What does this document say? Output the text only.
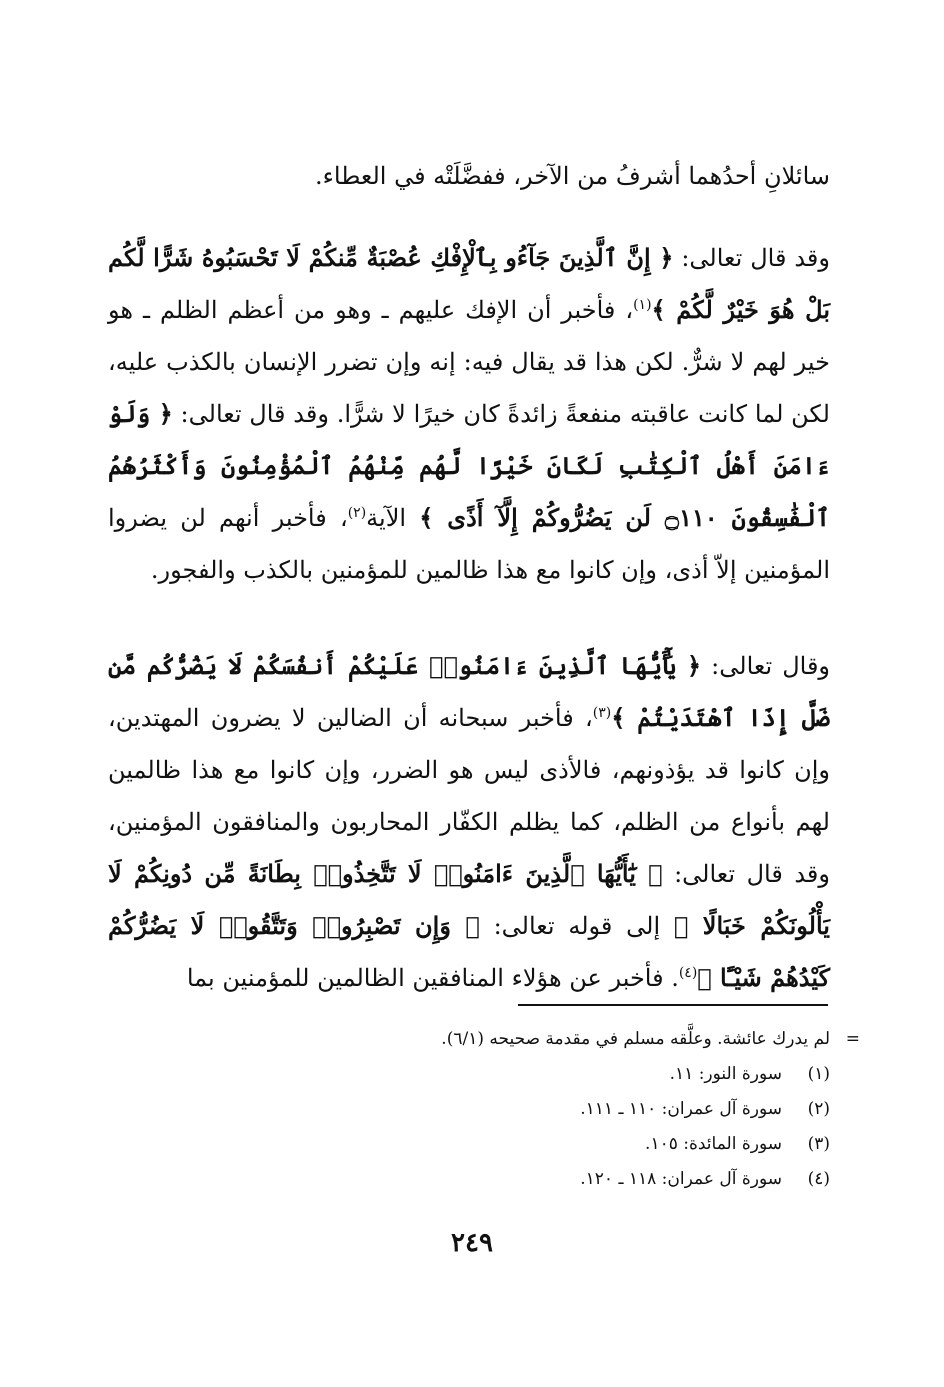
سائلانِ أحدُهما أشرفُ من الآخر، ففضَّلَتْه في العطاء.
وقد قال تعالى: ﴿ إِنَّ ٱلَّذِينَ جَآءُو بِٱلْإِفْكِ عُصْبَةٌ مِّنكُمْ لَا تَحْسَبُوهُ شَرًّا لَّكُم بَلْ هُوَ خَيْرٌ لَّكُمْ ﴾$^{(١)}$، فأخبر أن الإفك عليهم ـ وهو من أعظم الظلم ـ هو خير لهم لا شرٌّ. لكن هذا قد يقال فيه: إنه وإن تضرر الإنسان بالكذب عليه، لكن لما كانت عاقبته منفعةً زائدةً كان خيرًا لا شرًّا. وقد قال تعالى: ﴿ وَلَوْ ءَامَنَ أَهْلُ ٱلْكِتَٰبِ لَكَانَ خَيْرًا لَّهُم مِّنْهُمُ ٱلْمُؤْمِنُونَ وَأَكْثَرُهُمُ ٱلْفَٰسِقُونَ ۝١١٠ لَن يَضُرُّوكُمْ إِلَّآ أَذًى ﴾ الآية$^{(٢)}$، فأخبر أنهم لن يضروا المؤمنين إلاّ أذى، وإن كانوا مع هذا ظالمين للمؤمنين بالكذب والفجور.
وقال تعالى: ﴿ يَٰٓأَيُّهَا ٱلَّذِينَ ءَامَنُوا۟ عَلَيْكُمْ أَنفُسَكُمْ لَا يَضُرُّكُم مَّن ضَلَّ إِذَا ٱهْتَدَيْتُمْ ﴾$^{(٣)}$، فأخبر سبحانه أن الضالين لا يضرون المهتدين، وإن كانوا قد يؤذونهم، فالأذى ليس هو الضرر، وإن كانوا مع هذا ظالمين لهم بأنواع من الظلم، كما يظلم الكفّار المحاربون والمنافقون المؤمنين، وقد قال تعالى: ﴿ يَٰٓأَيُّهَا ٱلَّذِينَ ءَامَنُوا۟ لَا تَتَّخِذُوا۟ بِطَانَةً مِّن دُونِكُمْ لَا يَأْلُونَكُمْ خَبَالًا ﴾ إلى قوله تعالى: ﴿ وَإِن تَصْبِرُوا۟ وَتَتَّقُوا۟ لَا يَضُرُّكُمْ كَيْدُهُمْ شَيْـًٔا ﴾$^{(٤)}$. فأخبر عن هؤلاء المنافقين الظالمين للمؤمنين بما
=
لم يدرك عائشة. وعلَّقه مسلم في مقدمة صحيحه (٦/١).
(١)
سورة النور: ١١.
(٢)
سورة آل عمران: ١١٠ ـ ١١١.
(٣)
سورة المائدة: ١٠٥.
(٤)
سورة آل عمران: ١١٨ ـ ١٢٠.
٢٤٩
